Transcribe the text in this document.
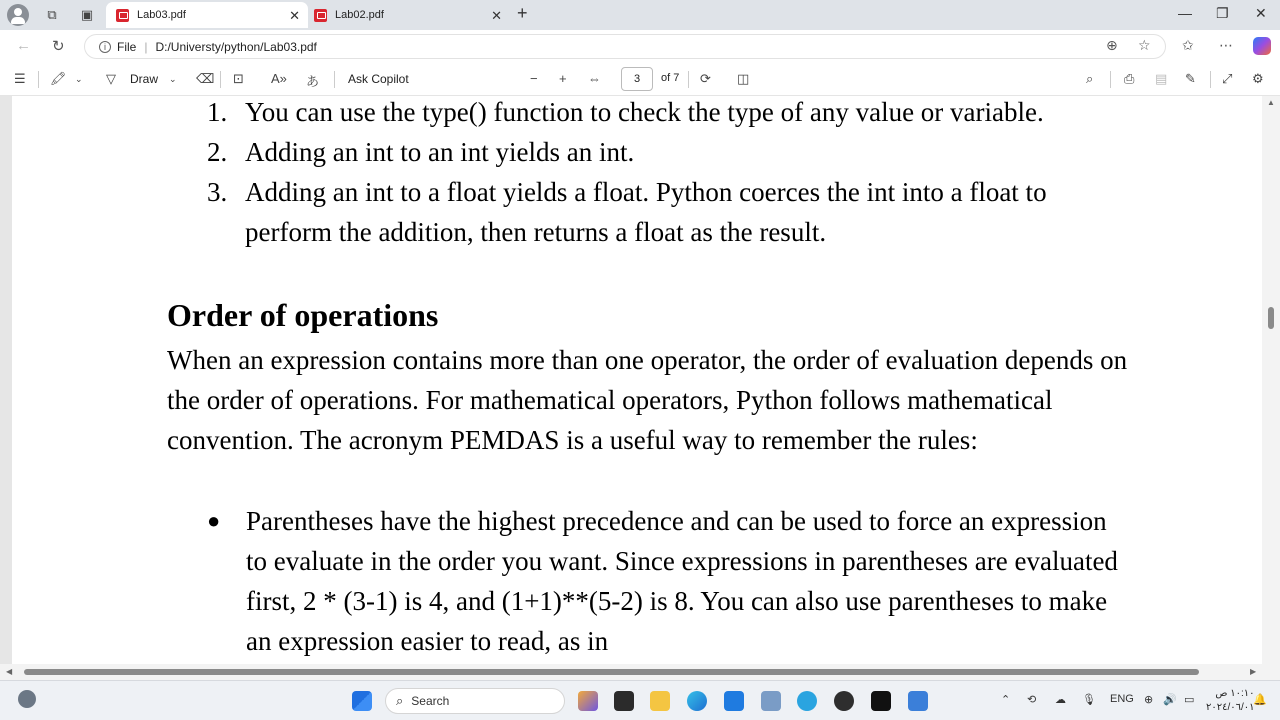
⧉	▣	Lab03.pdf	✕	Lab02.pdf	✕ +	— ❐ ✕
← ↻	i File | D:/Universty/python/Lab03.pdf	⊕ ☆ ✩ ⋯
☰ 🖍 ⌄ ▽ Draw ⌄ ⌫ ⊡ A» あ Ask Copilot	− + ⇔	3	of 7 ⟳ ◫	⌕ ⎙ ▤ ✎ ⤢ ⚙
1. You can use the type() function to check the type of any value or variable.
2. Adding an int to an int yields an int.
3. Adding an int to a float yields a float. Python coerces the int into a float to perform the addition, then returns a float as the result.
Order of operations

When an expression contains more than one operator, the order of evaluation depends on the order of operations. For mathematical operators, Python follows mathematical convention. The acronym PEMDAS is a useful way to remember the rules:

● Parentheses have the highest precedence and can be used to force an expression to evaluate in the order you want. Since expressions in parentheses are evaluated first, 2 * (3-1) is 4, and (1+1)**(5-2) is 8. You can also use parentheses to make an expression easier to read, as in
▲
◀	▶
⌕ Search	⌃ ⟲ ☁ 🎙 ENG ⊕ 🔊 ▭
١٠:١٠ ص
٢٠٢٤/٠٦/٠١
🔔
